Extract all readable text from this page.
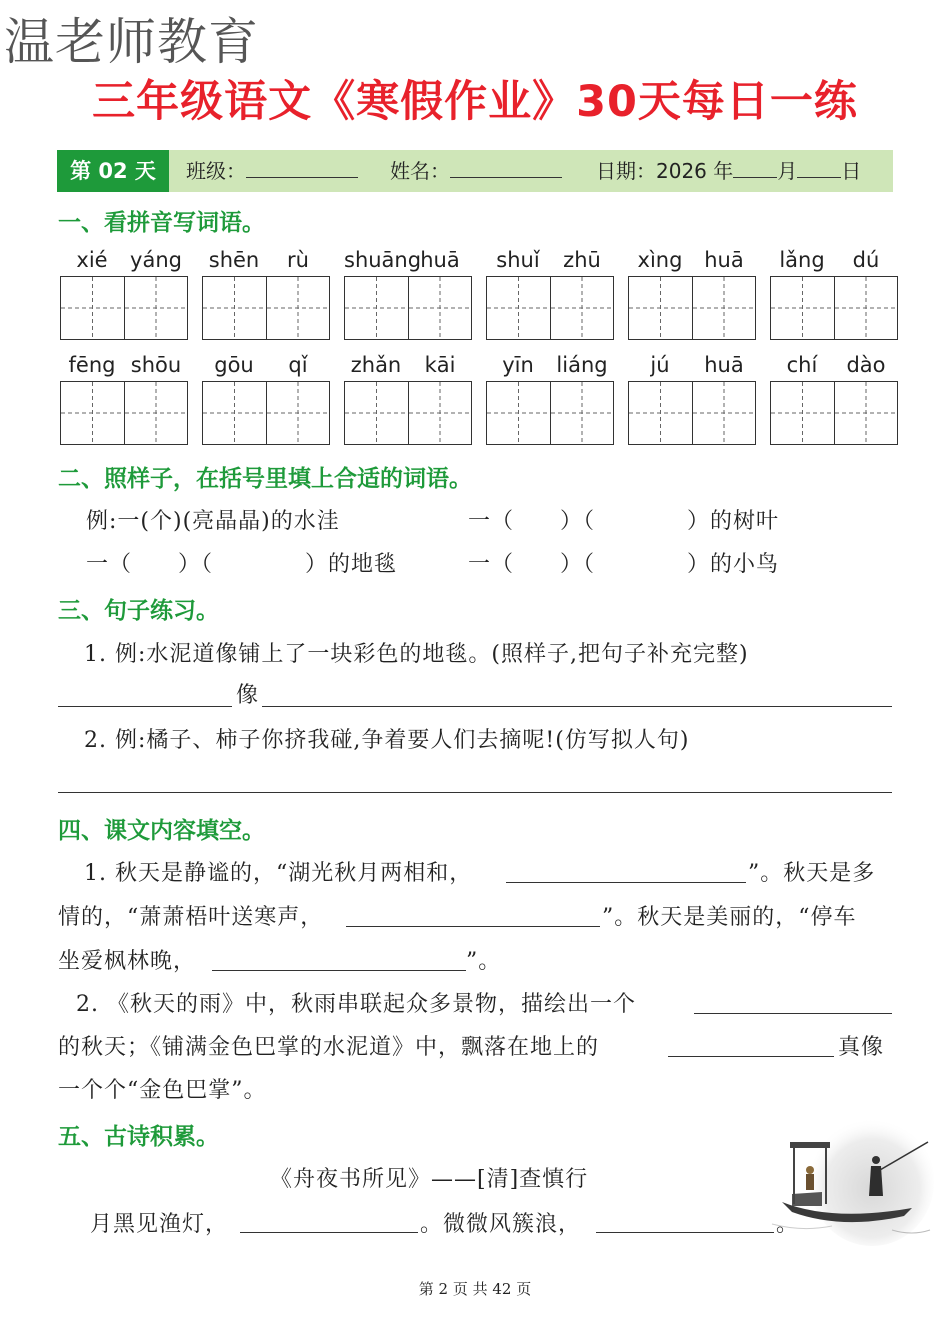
温老师教育
三年级语文《寒假作业》30天每日一练
第 02 天	班级：	姓名：	日期：2026 年 月 日
一、看拼音写词语。
xié	yáng	shēn	rù	shuāng huā	shuǐ	zhū	xìng	huā	lǎng	dú
fēng shōu	gōu	qǐ	zhǎn	kāi	yīn	liáng	jú	huā	chí	dào
二、照样子，在括号里填上合适的词语。
例:一(个)(亮晶晶)的水洼	一（　　）（　　　　）的树叶
一（　　）（　　　　）的地毯	一（　　）（　　　　）的小鸟
三、句子练习。
1. 例:水泥道像铺上了一块彩色的地毯。(照样子,把句子补充完整)
像
2. 例:橘子、柿子你挤我碰,争着要人们去摘呢!(仿写拟人句)
四、课文内容填空。
1. 秋天是静谧的，“湖光秋月两相和，	”。秋天是多
情的，“萧萧梧叶送寒声，	”。秋天是美丽的，“停车
坐爱枫林晚，	”。
2. 《秋天的雨》中，秋雨串联起众多景物，描绘出一个
的秋天；《铺满金色巴掌的水泥道》中，飘落在地上的	真像
一个个“金色巴掌”。
五、古诗积累。
《舟夜书所见》——[清]查慎行
月黑见渔灯，	。微微风簇浪，	。
第 2 页 共 42 页
